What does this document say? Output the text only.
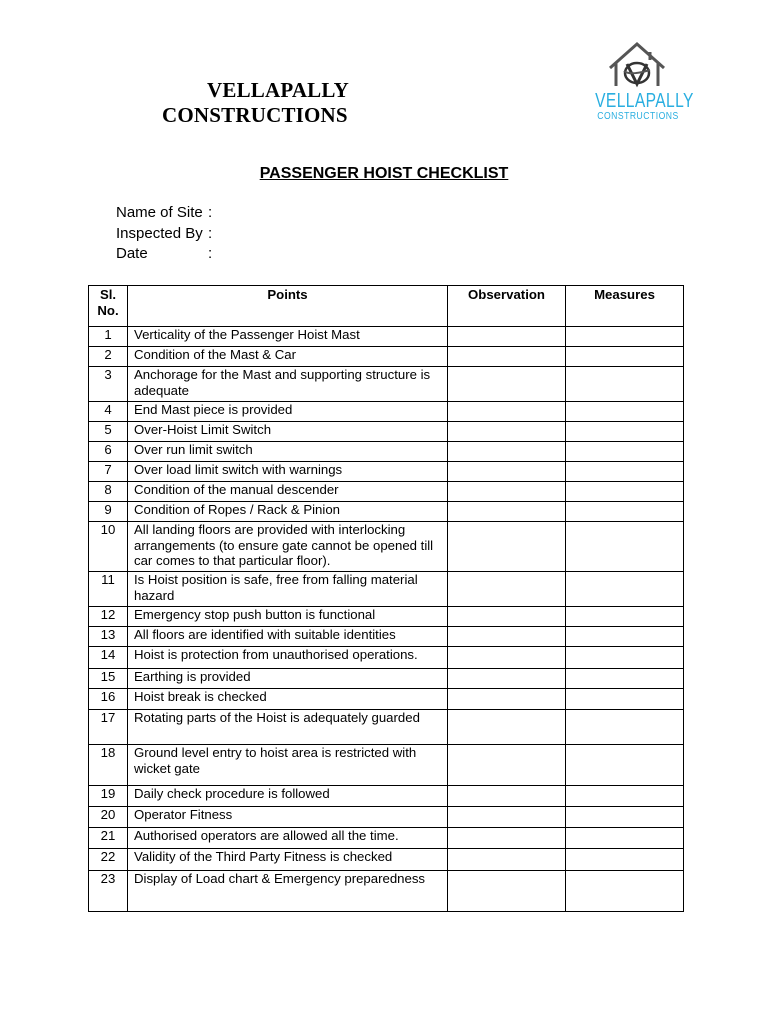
VELLAPALLY
CONSTRUCTIONS
VELLAPALLY
CONSTRUCTIONS
PASSENGER HOIST CHECKLIST
Name of Site :
Inspected By :
Date	:
Sl. No.	Points	Observation	Measures
1	Verticality of the Passenger Hoist Mast		
2	Condition of the Mast & Car		
3	Anchorage for the Mast and supporting structure is adequate		
4	End Mast piece is provided		
5	Over-Hoist Limit Switch		
6	Over run limit switch		
7	Over load limit switch with warnings		
8	Condition of the manual descender		
9	Condition of Ropes / Rack & Pinion		
10	All landing floors are provided with interlocking arrangements (to ensure gate cannot be opened till car comes to that particular floor).		
11	Is Hoist position is safe, free from falling material hazard		
12	Emergency stop push button is functional		
13	All floors are identified with suitable identities		
14	Hoist is protection from unauthorised operations.		
15	Earthing is provided		
16	Hoist break is checked		
17	Rotating parts of the Hoist is adequately guarded		
18	Ground level entry to hoist area is restricted with wicket gate		
19	Daily check procedure is followed		
20	Operator Fitness		
21	Authorised operators are allowed all the time.		
22	Validity of the Third Party Fitness is checked		
23	Display of Load chart & Emergency preparedness		
